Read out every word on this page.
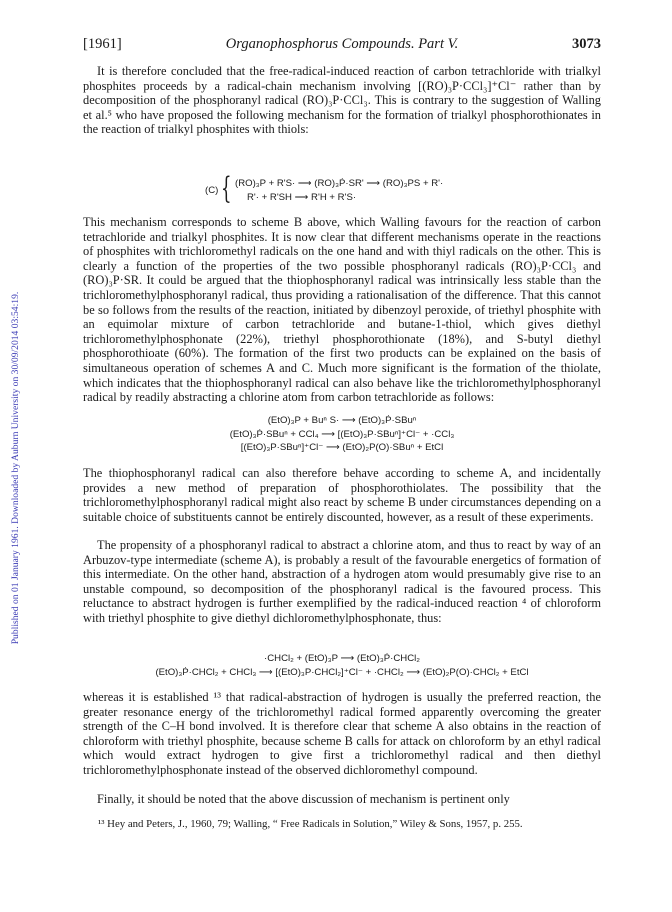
Published on 01 January 1961. Downloaded by Auburn University on 30/09/2014 03:54:19.
[1961]	Organophosphorus Compounds. Part V.	3073

It is therefore concluded that the free-radical-induced reaction of carbon tetrachloride with trialkyl phosphites proceeds by a radical-chain mechanism involving [(RO)₃P·CCl₃]⁺Cl⁻ rather than by decomposition of the phosphoranyl radical (RO)₃P·CCl₃. This is contrary to the suggestion of Walling et al.⁵ who have proposed the following mechanism for the formation of trialkyl phosphorothionates in the reaction of trialkyl phosphites with thiols:

(C) { (RO)₃P + R'S· ⟶ (RO)₃Ṗ·SR' ⟶ (RO)₃PS + R'·
R'· + R'SH ⟶ R'H + R'S·

This mechanism corresponds to scheme B above, which Walling favours for the reaction of carbon tetrachloride and trialkyl phosphites. It is now clear that different mechanisms operate in the reactions of phosphites with trichloromethyl radicals on the one hand and with thiyl radicals on the other. This is clearly a function of the properties of the two possible phosphoranyl radicals (RO)₃P·CCl₃ and (RO)₃P·SR. It could be argued that the thiophosphoranyl radical was intrinsically less stable than the trichloromethylphosphoranyl radical, thus providing a rationalisation of the difference. That this cannot be so follows from the results of the reaction, initiated by dibenzoyl peroxide, of triethyl phosphite with an equimolar mixture of carbon tetrachloride and butane-1-thiol, which gives diethyl trichloromethylphosphonate (22%), triethyl phosphorothionate (18%), and S-butyl diethyl phosphorothioate (60%). The formation of the first two products can be explained on the basis of simultaneous operation of schemes A and C. Much more significant is the formation of the thiolate, which indicates that the thiophosphoranyl radical can also behave like the trichloromethylphosphoranyl radical by readily abstracting a chlorine atom from carbon tetrachloride as follows:

(EtO)₃P + Buⁿ S· ⟶ (EtO)₃Ṗ·SBuⁿ
(EtO)₃Ṗ·SBuⁿ + CCl₄ ⟶ [(EtO)₃P·SBuⁿ]⁺Cl⁻ + ·CCl₃
[(EtO)₃P·SBuⁿ]⁺Cl⁻ ⟶ (EtO)₂P(O)·SBuⁿ + EtCl

The thiophosphoranyl radical can also therefore behave according to scheme A, and incidentally provides a new method of preparation of phosphorothiolates. The possibility that the trichloromethylphosphoranyl radical might also react by scheme B under circumstances depending on a suitable choice of substituents cannot be entirely discounted, however, as a result of these experiments.

The propensity of a phosphoranyl radical to abstract a chlorine atom, and thus to react by way of an Arbuzov-type intermediate (scheme A), is probably a result of the favourable energetics of formation of this intermediate. On the other hand, abstraction of a hydrogen atom would presumably give rise to an unstable compound, so decomposition of the phosphoranyl radical is the favoured process. This reluctance to abstract hydrogen is further exemplified by the radical-induced reaction ⁴ of chloroform with triethyl phosphite to give diethyl dichloromethylphosphonate, thus:

·CHCl₂ + (EtO)₃P ⟶ (EtO)₃Ṗ·CHCl₂
(EtO)₃Ṗ·CHCl₂ + CHCl₃ ⟶ [(EtO)₃P·CHCl₂]⁺Cl⁻ + ·CHCl₂ ⟶ (EtO)₂P(O)·CHCl₂ + EtCl

whereas it is established ¹³ that radical-abstraction of hydrogen is usually the preferred reaction, the greater resonance energy of the trichloromethyl radical formed apparently overcoming the greater strength of the C–H bond involved. It is therefore clear that scheme A also obtains in the reaction of chloroform with triethyl phosphite, because scheme B calls for attack on chloroform by an ethyl radical which would extract hydrogen to give first a trichloromethyl radical and then diethyl trichloromethylphosphonate instead of the observed dichloromethyl compound.

Finally, it should be noted that the above discussion of mechanism is pertinent only

¹³ Hey and Peters, J., 1960, 79; Walling, “ Free Radicals in Solution,” Wiley & Sons, 1957, p. 255.
